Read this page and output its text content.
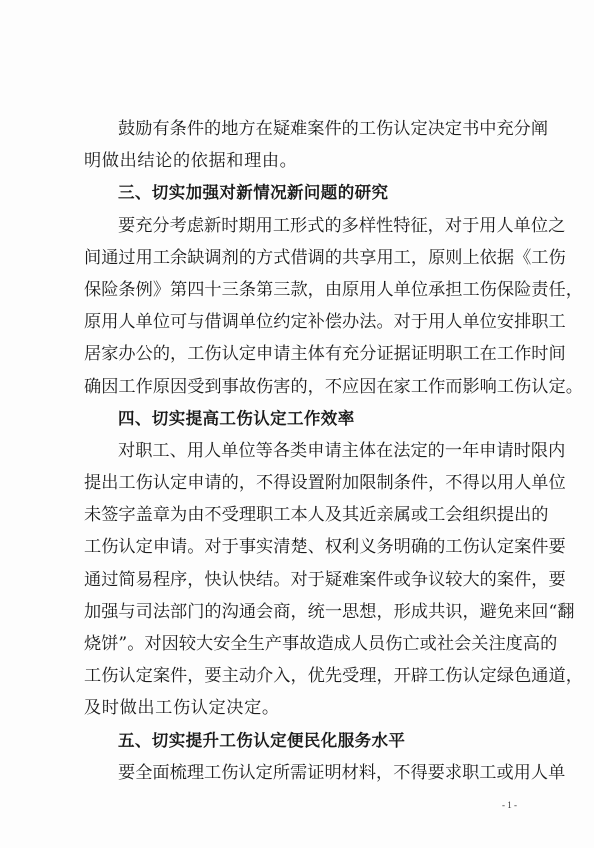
鼓 励 有 条 件 的 地 方 在 疑 难 案 件 的 工 伤 认 定 决 定 书 中 充 分 阐
明做出结论的依据和理由。
三、切实加强对新情况新问题的研究
要 充 分 考 虑 新 时 期 用 工 形 式 的 多 样 性 特 征 ， 对 于 用 人 单 位 之
间 通 过 用 工 余 缺 调 剂 的 方 式 借 调 的 共 享 用 工 ， 原 则 上 依 据 《 工 伤
保 险 条 例 》 第 四 十 三 条 第 三 款 ， 由 原 用 人 单 位 承 担 工 伤 保 险 责 任 ，
原 用 人 单 位 可 与 借 调 单 位 约 定 补 偿 办 法 。 对 于 用 人 单 位 安 排 职 工
居 家 办 公 的 ， 工 伤 认 定 申 请 主 体 有 充 分 证 据 证 明 职 工 在 工 作 时 间
确 因 工 作 原 因 受 到 事 故 伤 害 的 ， 不 应 因 在 家 工 作 而 影 响 工 伤 认 定 。
四、切实提高工伤认定工作效率
对 职 工 、 用 人 单 位 等 各 类 申 请 主 体 在 法 定 的 一 年 申 请 时 限 内
提 出 工 伤 认 定 申 请 的 ， 不 得 设 置 附 加 限 制 条 件 ， 不 得 以 用 人 单 位
未 签 字 盖 章 为 由 不 受 理 职 工 本 人 及 其 近 亲 属 或 工 会 组 织 提 出 的
工 伤 认 定 申 请 。 对 于 事 实 清 楚 、 权 利 义 务 明 确 的 工 伤 认 定 案 件 要
通 过 简 易 程 序 ， 快 认 快 结 。 对 于 疑 难 案 件 或 争 议 较 大 的 案 件 ， 要
加 强 与 司 法 部 门 的 沟 通 会 商 ， 统 一 思 想 ， 形 成 共 识 ， 避 免 来 回 “ 翻
烧 饼 ” 。 对 因 较 大 安 全 生 产 事 故 造 成 人 员 伤 亡 或 社 会 关 注 度 高 的
工 伤 认 定 案 件 ， 要 主 动 介 入 ， 优 先 受 理 ， 开 辟 工 伤 认 定 绿 色 通 道 ，
及时做出工伤认定决定。
五、切实提升工伤认定便民化服务水平
要 全 面 梳 理 工 伤 认 定 所 需 证 明 材 料 ， 不 得 要 求 职 工 或 用 人 单
- 1 -
